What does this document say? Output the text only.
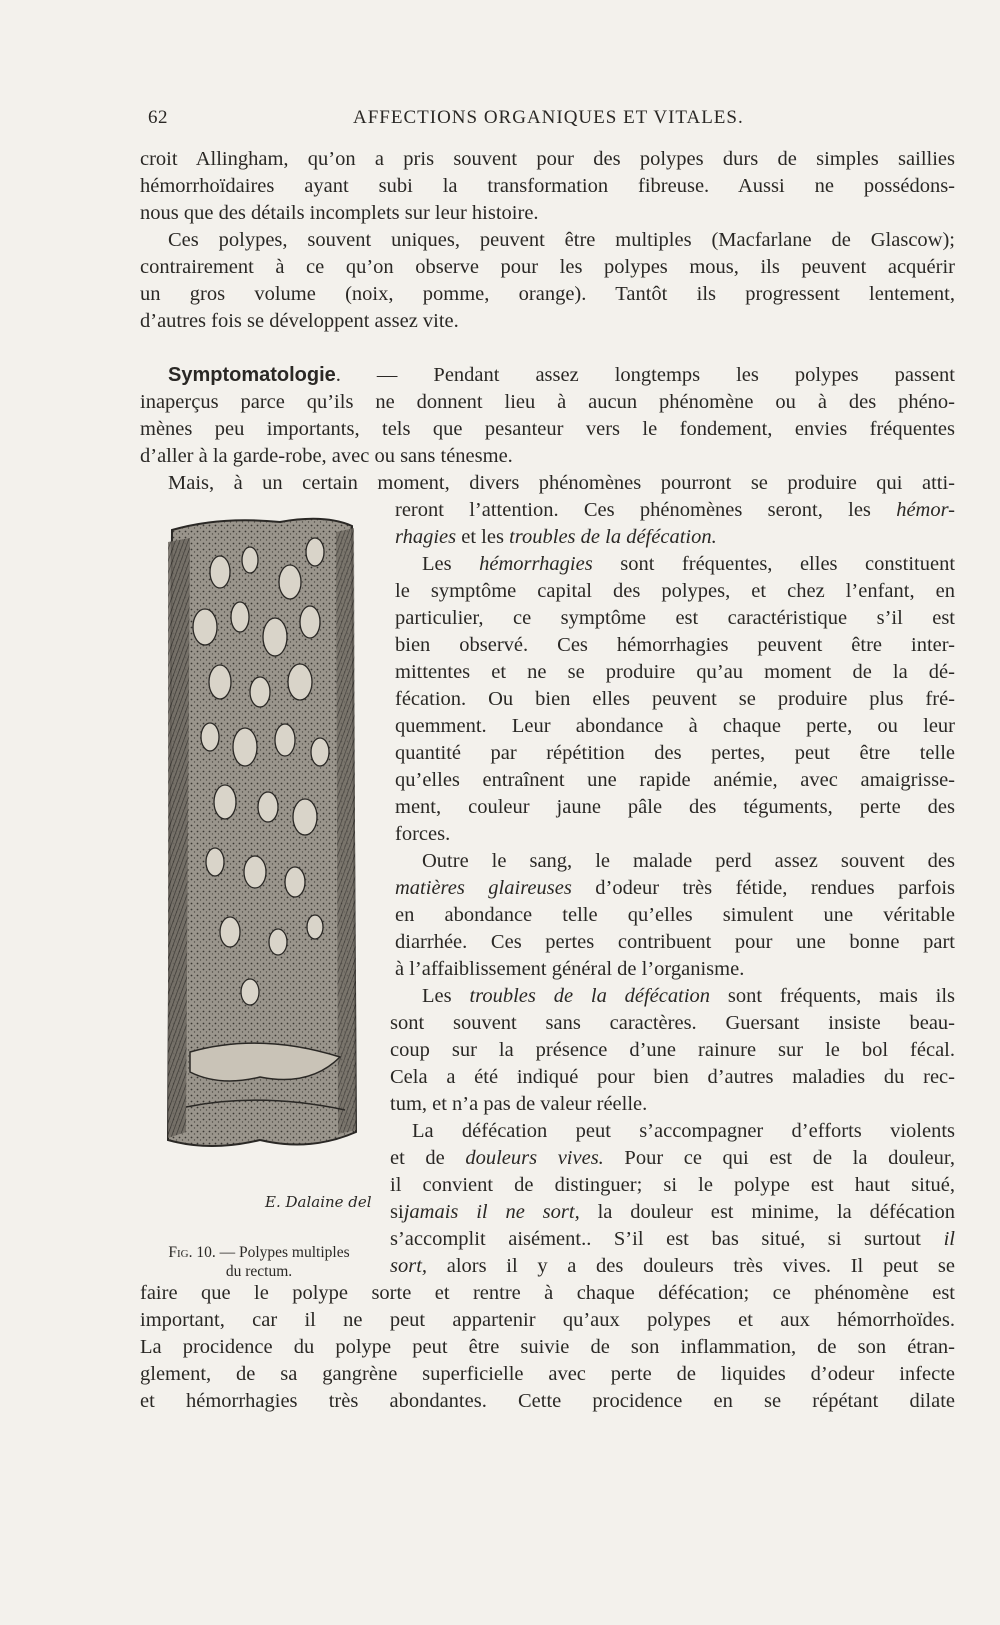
62	AFFECTIONS ORGANIQUES ET VITALES.
croit Allingham, qu’on a pris souvent pour des polypes durs de simples saillies
hémorrhoïdaires ayant subi la transformation fibreuse. Aussi ne possédons-
nous que des détails incomplets sur leur histoire.
Ces polypes, souvent uniques, peuvent être multiples (Macfarlane de Glascow);
contrairement à ce qu’on observe pour les polypes mous, ils peuvent acquérir
un gros volume (noix, pomme, orange). Tantôt ils progressent lentement,
d’autres fois se développent assez vite.
Symptomatologie. — Pendant assez longtemps les polypes passent
inaperçus parce qu’ils ne donnent lieu à aucun phénomène ou à des phéno-
mènes peu importants, tels que pesanteur vers le fondement, envies fréquentes
d’aller à la garde-robe, avec ou sans ténesme.
Mais, à un certain moment, divers phénomènes pourront se produire qui atti-
reront l’attention. Ces phénomènes seront, les hémor-
rhagies et les troubles de la défécation.
Les hémorrhagies sont fréquentes, elles constituent
le symptôme capital des polypes, et chez l’enfant, en
particulier, ce symptôme est caractéristique s’il est
bien observé. Ces hémorrhagies peuvent être inter-
mittentes et ne se produire qu’au moment de la dé-
fécation. Ou bien elles peuvent se produire plus fré-
quemment. Leur abondance à chaque perte, ou leur
quantité par répétition des pertes, peut être telle
qu’elles entraînent une rapide anémie, avec amaigrisse-
ment, couleur jaune pâle des téguments, perte des
forces.
Outre le sang, le malade perd assez souvent des
matières glaireuses d’odeur très fétide, rendues parfois
en abondance telle qu’elles simulent une véritable
diarrhée. Ces pertes contribuent pour une bonne part
à l’affaiblissement général de l’organisme.
Les troubles de la défécation sont fréquents, mais ils
sont souvent sans caractères. Guersant insiste beau-
coup sur la présence d’une rainure sur le bol fécal.
Cela a été indiqué pour bien d’autres maladies du rec-
tum, et n’a pas de valeur réelle.
La défécation peut s’accompagner d’efforts violents
et de douleurs vives. Pour ce qui est de la douleur,
il convient de distinguer; si le polype est haut situé,
sijamais il ne sort, la douleur est minime, la défécation
s’accomplit aisément.. S’il est bas situé, si surtout il
sort, alors il y a des douleurs très vives. Il peut se
faire que le polype sorte et rentre à chaque défécation; ce phénomène est
important, car il ne peut appartenir qu’aux polypes et aux hémorrhoïdes.
La procidence du polype peut être suivie de son inflammation, de son étran-
glement, de sa gangrène superficielle avec perte de liquides d’odeur infecte
et hémorrhagies très abondantes. Cette procidence en se répétant dilate
E. Dalaine del
Fig. 10. — Polypes multiples
du rectum.
